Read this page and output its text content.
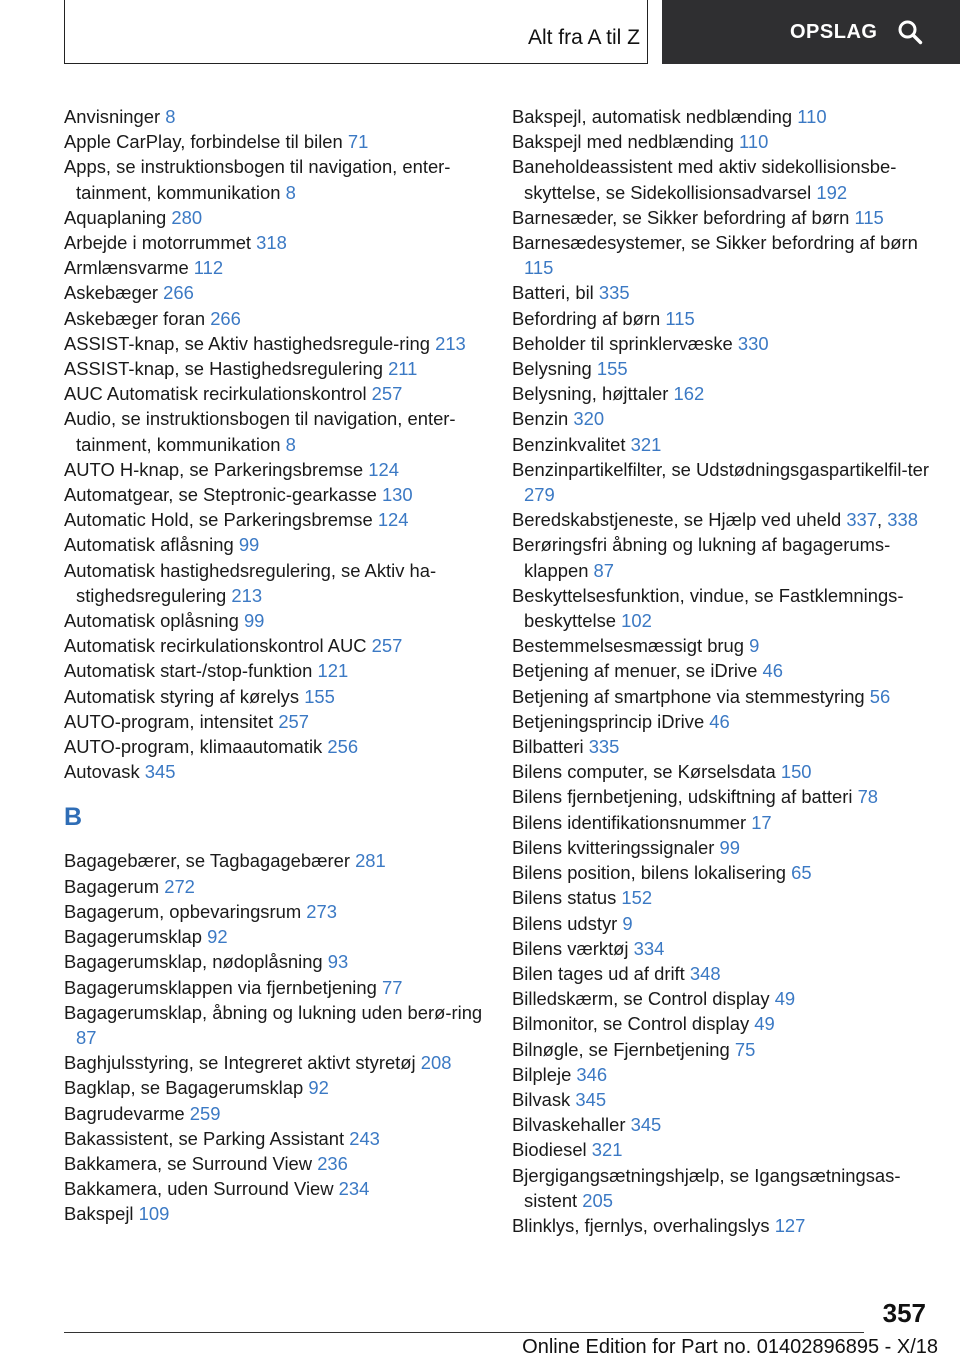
Alt fra A til Z	OPSLAG
Anvisninger 8
Apple CarPlay, forbindelse til bilen 71
Apps, se instruktionsbogen til navigation, enter-tainment, kommunikation 8
Aquaplaning 280
Arbejde i motorrummet 318
Armlænsvarme 112
Askebæger 266
Askebæger foran 266
ASSIST-knap, se Aktiv hastighedsregule-ring 213
ASSIST-knap, se Hastighedsregulering 211
AUC Automatisk recirkulationskontrol 257
Audio, se instruktionsbogen til navigation, enter-tainment, kommunikation 8
AUTO H-knap, se Parkeringsbremse 124
Automatgear, se Steptronic-gearkasse 130
Automatic Hold, se Parkeringsbremse 124
Automatisk aflåsning 99
Automatisk hastighedsregulering, se Aktiv ha-stighedsregulering 213
Automatisk oplåsning 99
Automatisk recirkulationskontrol AUC 257
Automatisk start-/stop-funktion 121
Automatisk styring af kørelys 155
AUTO-program, intensitet 257
AUTO-program, klimaautomatik 256
Autovask 345
B
Bagagebærer, se Tagbagagebærer 281
Bagagerum 272
Bagagerum, opbevaringsrum 273
Bagagerumsklap 92
Bagagerumsklap, nødoplåsning 93
Bagagerumsklappen via fjernbetjening 77
Bagagerumsklap, åbning og lukning uden berø-ring 87
Baghjulsstyring, se Integreret aktivt styretøj 208
Bagklap, se Bagagerumsklap 92
Bagrudevarme 259
Bakassistent, se Parking Assistant 243
Bakkamera, se Surround View 236
Bakkamera, uden Surround View 234
Bakspejl 109
Bakspejl, automatisk nedblænding 110
Bakspejl med nedblænding 110
Baneholdeassistent med aktiv sidekollisionsbe-skyttelse, se Sidekollisionsadvarsel 192
Barnesæder, se Sikker befordring af børn 115
Barnesædesystemer, se Sikker befordring af børn 115
Batteri, bil 335
Befordring af børn 115
Beholder til sprinklervæske 330
Belysning 155
Belysning, højttaler 162
Benzin 320
Benzinkvalitet 321
Benzinpartikelfilter, se Udstødningsgaspartikelfil-ter 279
Beredskabstjeneste, se Hjælp ved uheld 337, 338
Berøringsfri åbning og lukning af bagagerums-klappen 87
Beskyttelsesfunktion, vindue, se Fastklemnings-beskyttelse 102
Bestemmelsesmæssigt brug 9
Betjening af menuer, se iDrive 46
Betjening af smartphone via stemmestyring 56
Betjeningsprincip iDrive 46
Bilbatteri 335
Bilens computer, se Kørselsdata 150
Bilens fjernbetjening, udskiftning af batteri 78
Bilens identifikationsnummer 17
Bilens kvitteringssignaler 99
Bilens position, bilens lokalisering 65
Bilens status 152
Bilens udstyr 9
Bilens værktøj 334
Bilen tages ud af drift 348
Billedskærm, se Control display 49
Bilmonitor, se Control display 49
Bilnøgle, se Fjernbetjening 75
Bilpleje 346
Bilvask 345
Bilvaskehaller 345
Biodiesel 321
Bjergigangsætningshjælp, se Igangsætningsas-sistent 205
Blinklys, fjernlys, overhalingslys 127
357
Online Edition for Part no. 01402896895 - X/18
